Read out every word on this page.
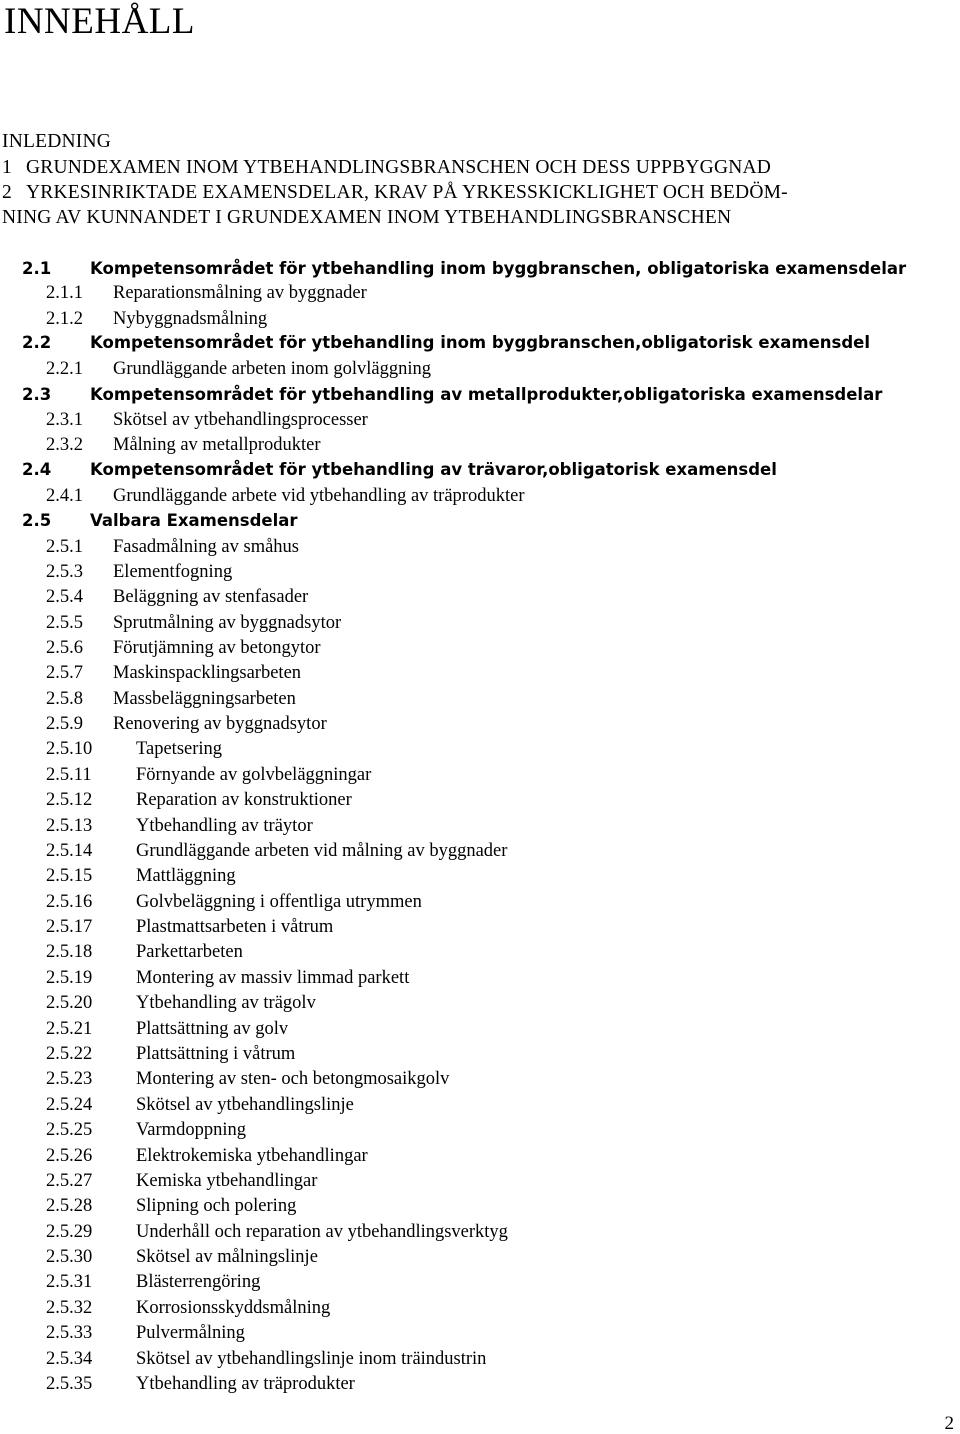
INNEHÅLL
INLEDNING
1 GRUNDEXAMEN INOM YTBEHANDLINGSBRANSCHEN OCH DESS UPPBYGGNAD
2 YRKESINRIKTADE EXAMENSDELAR, KRAV PÅ YRKESSKICKLIGHET OCH BEDÖM-
NING AV KUNNANDET I GRUNDEXAMEN INOM YTBEHANDLINGSBRANSCHEN
2.1 Kompetensområdet för ytbehandling inom byggbranschen, obligatoriska examensdelar
2.1.1 Reparationsmålning av byggnader
2.1.2 Nybyggnadsmålning
2.2 Kompetensområdet för ytbehandling inom byggbranschen,obligatorisk examensdel
2.2.1 Grundläggande arbeten inom golvläggning
2.3 Kompetensområdet för ytbehandling av metallprodukter,obligatoriska examensdelar
2.3.1 Skötsel av ytbehandlingsprocesser
2.3.2 Målning av metallprodukter
2.4 Kompetensområdet för ytbehandling av trävaror,obligatorisk examensdel
2.4.1 Grundläggande arbete vid ytbehandling av träprodukter
2.5 Valbara Examensdelar
2.5.1 Fasadmålning av småhus
2.5.3 Elementfogning
2.5.4 Beläggning av stenfasader
2.5.5 Sprutmålning av byggnadsytor
2.5.6 Förutjämning av betongytor
2.5.7 Maskinspacklingsarbeten
2.5.8 Massbeläggningsarbeten
2.5.9 Renovering av byggnadsytor
2.5.10 Tapetsering
2.5.11 Förnyande av golvbeläggningar
2.5.12 Reparation av konstruktioner
2.5.13 Ytbehandling av träytor
2.5.14 Grundläggande arbeten vid målning av byggnader
2.5.15 Mattläggning
2.5.16 Golvbeläggning i offentliga utrymmen
2.5.17 Plastmattsarbeten i våtrum
2.5.18 Parkettarbeten
2.5.19 Montering av massiv limmad parkett
2.5.20 Ytbehandling av trägolv
2.5.21 Plattsättning av golv
2.5.22 Plattsättning i våtrum
2.5.23 Montering av sten- och betongmosaikgolv
2.5.24 Skötsel av ytbehandlingslinje
2.5.25 Varmdoppning
2.5.26 Elektrokemiska ytbehandlingar
2.5.27 Kemiska ytbehandlingar
2.5.28 Slipning och polering
2.5.29 Underhåll och reparation av ytbehandlingsverktyg
2.5.30 Skötsel av målningslinje
2.5.31 Blästerrengöring
2.5.32 Korrosionsskyddsmålning
2.5.33 Pulvermålning
2.5.34 Skötsel av ytbehandlingslinje inom träindustrin
2.5.35 Ytbehandling av träprodukter
2
